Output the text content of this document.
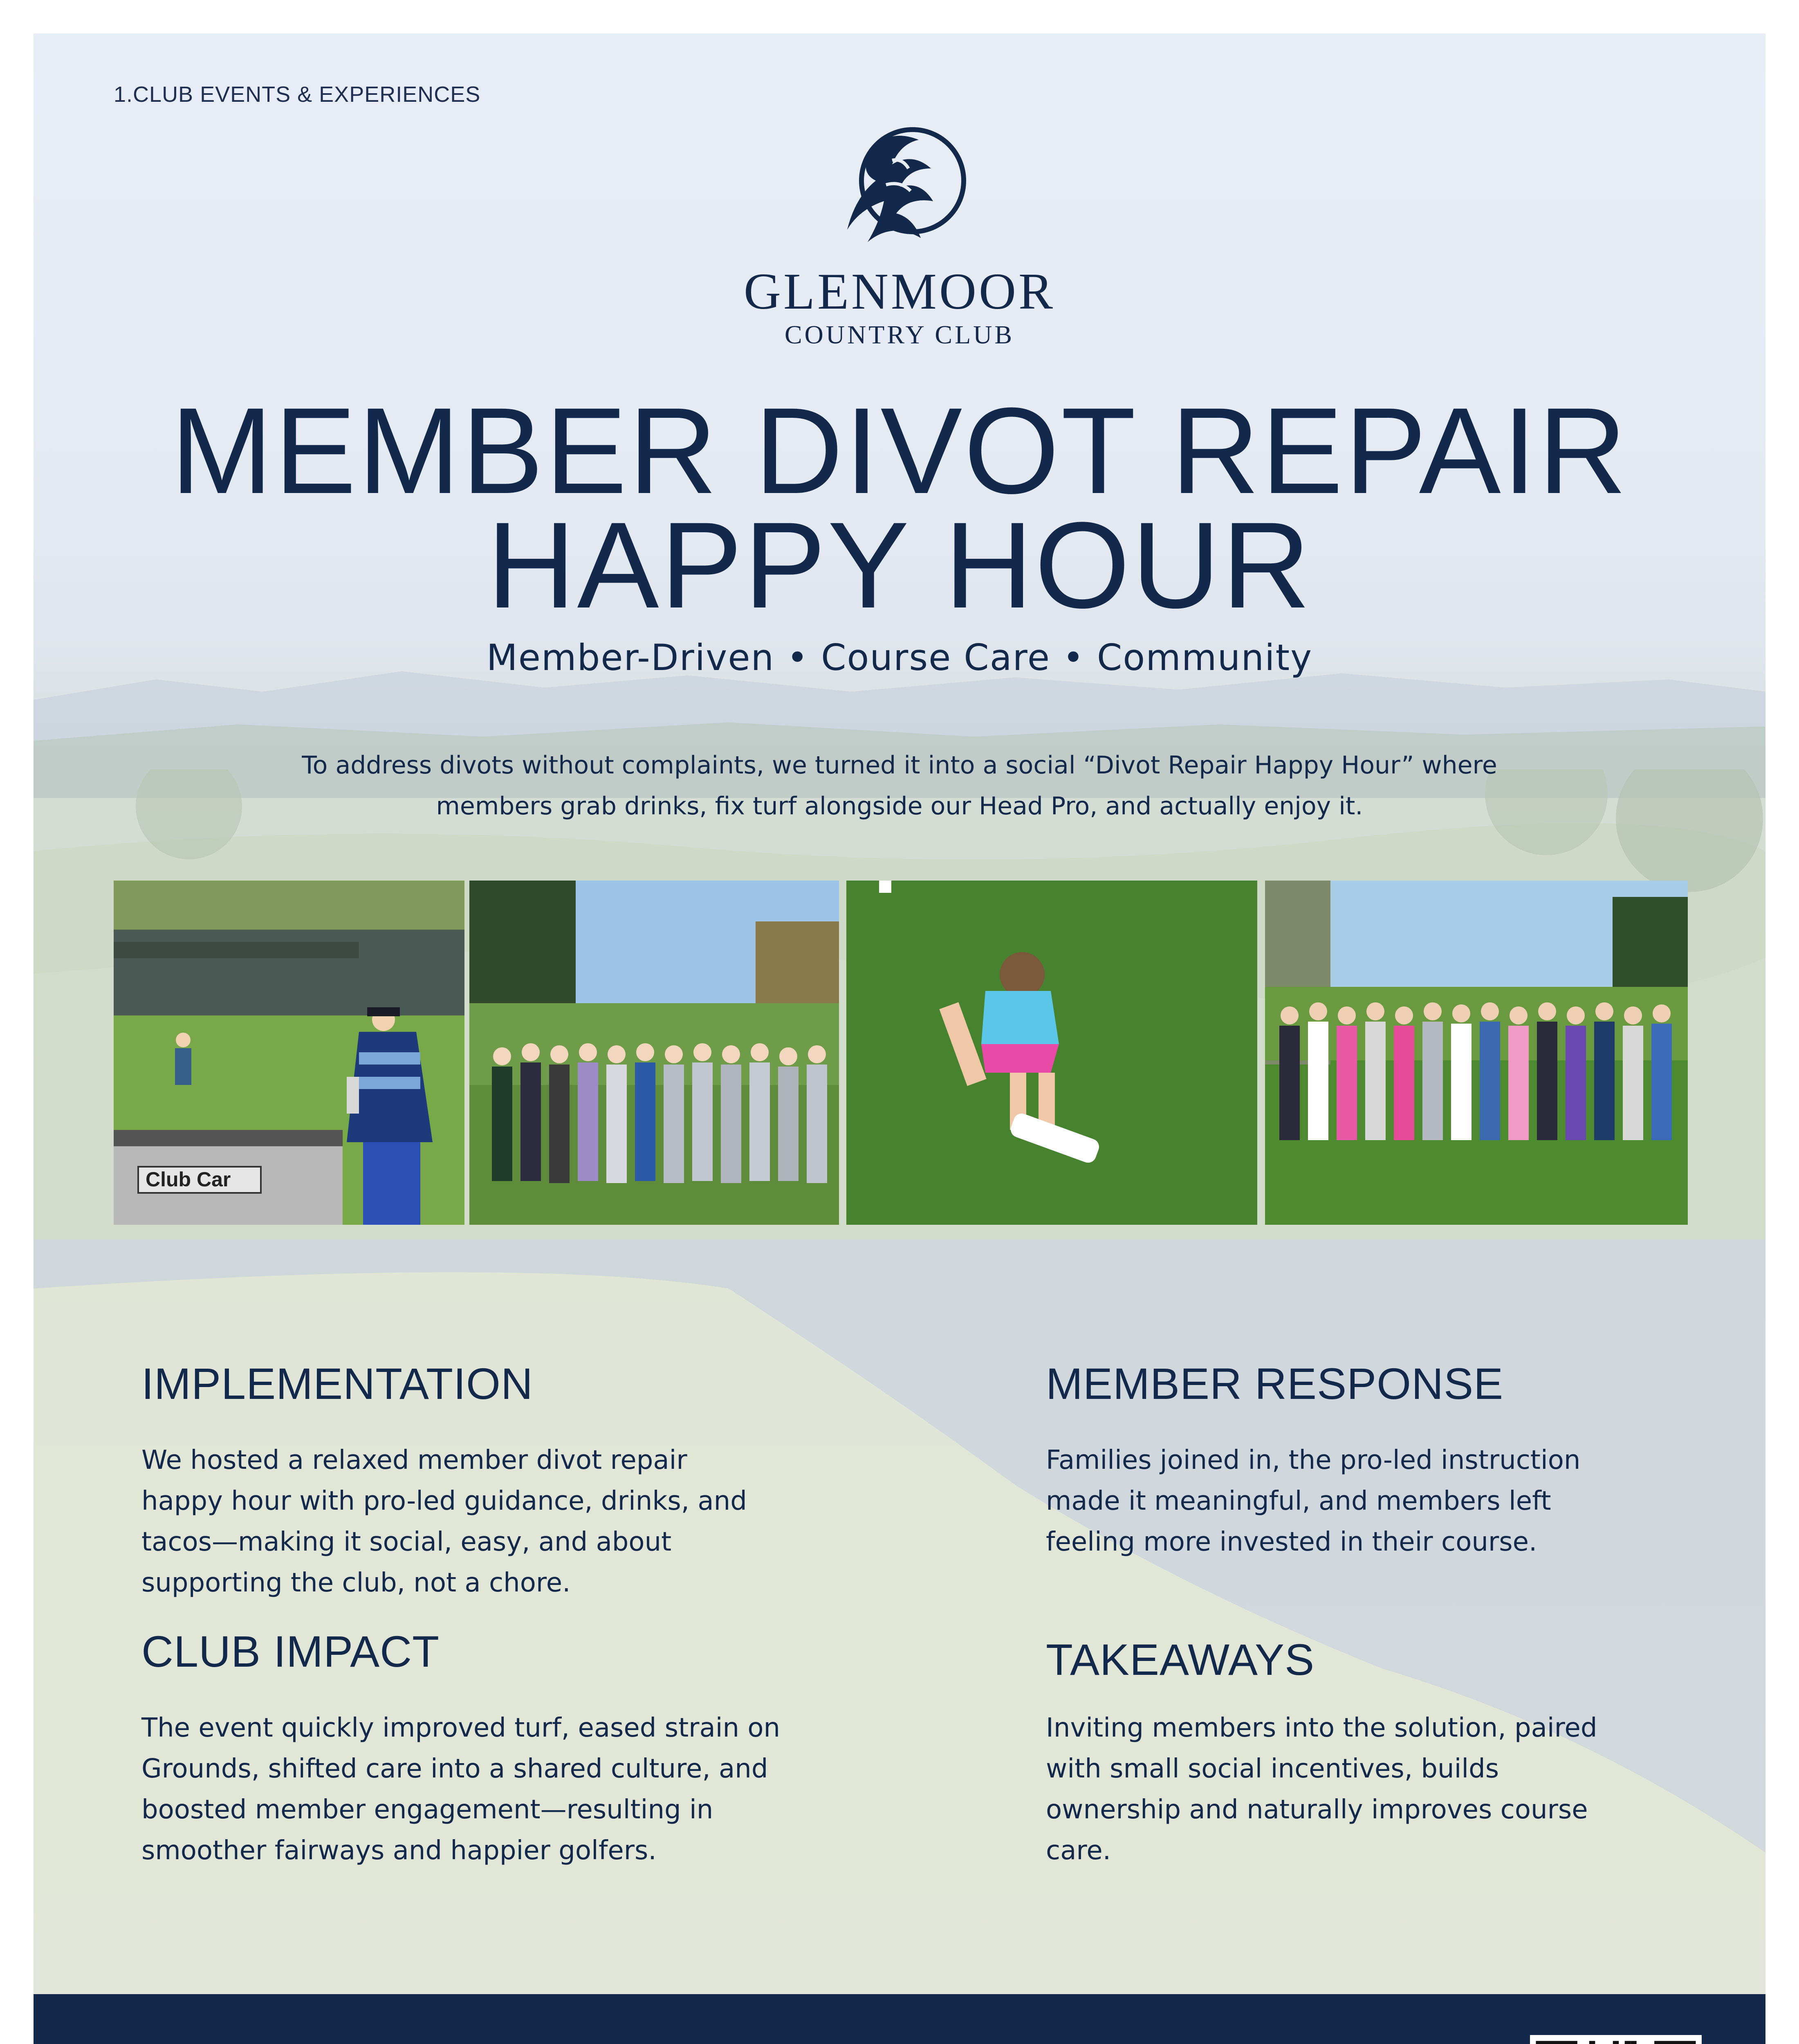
1.CLUB EVENTS & EXPERIENCES
GLENMOOR
COUNTRY CLUB
MEMBER DIVOT REPAIR
HAPPY HOUR
Member-Driven • Course Care • Community
To address divots without complaints, we turned it into a social “Divot Repair Happy Hour” where
members grab drinks, fix turf alongside our Head Pro, and actually enjoy it.
Club Car
IMPLEMENTATION
We hosted a relaxed member divot repair
happy hour with pro-led guidance, drinks, and
tacos—making it social, easy, and about
supporting the club, not a chore.
MEMBER RESPONSE
Families joined in, the pro-led instruction
made it meaningful, and members left
feeling more invested in their course.
CLUB IMPACT
The event quickly improved turf, eased strain on
Grounds, shifted care into a shared culture, and
boosted member engagement—resulting in
smoother fairways and happier golfers.
TAKEAWAYS
Inviting members into the solution, paired
with small social incentives, builds
ownership and naturally improves course
care.
